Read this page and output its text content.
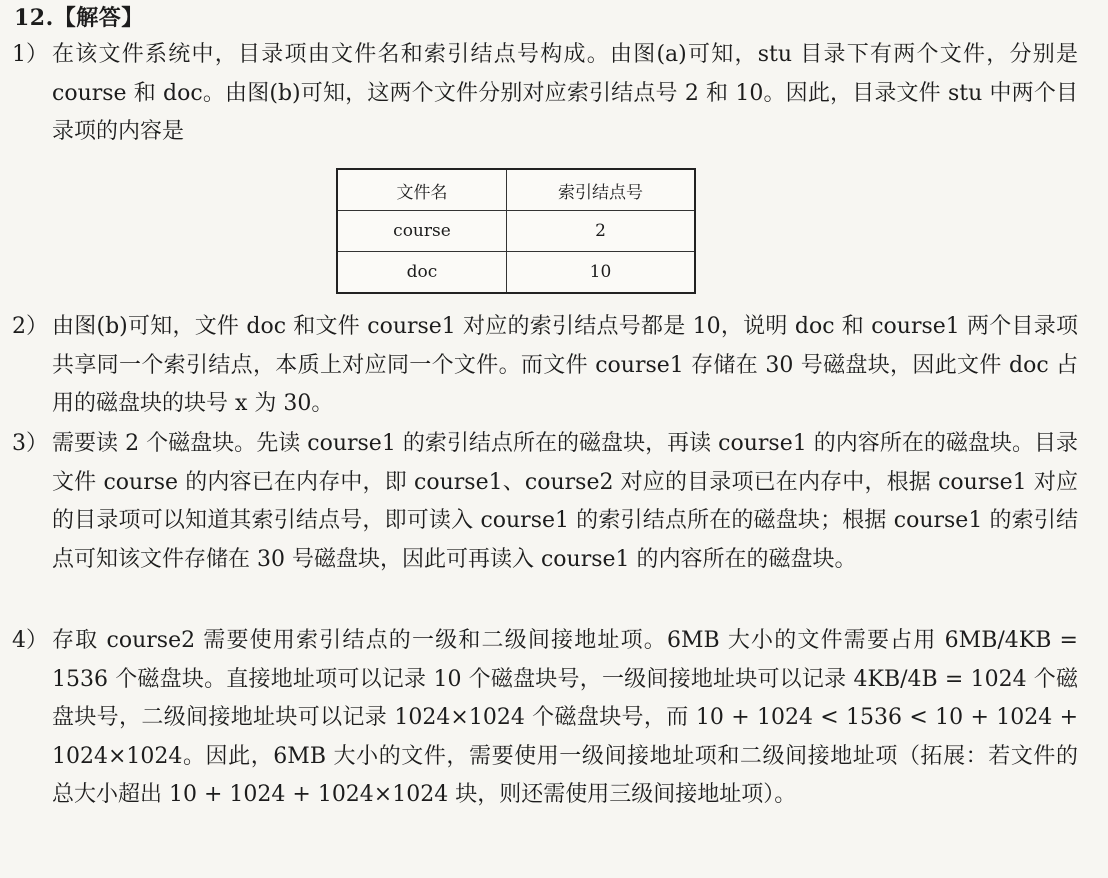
12.【解答】
1） 在该文件系统中，目录项由文件名和索引结点号构成。由图(a)可知，stu 目录下有两个文件，分别是 course 和 doc。由图(b)可知，这两个文件分别对应索引结点号 2 和 10。因此，目录文件 stu 中两个目录项的内容是
文件名	索引结点号
course	2
doc	10
2） 由图(b)可知，文件 doc 和文件 course1 对应的索引结点号都是 10，说明 doc 和 course1 两个目录项共享同一个索引结点，本质上对应同一个文件。而文件 course1 存储在 30 号磁盘块，因此文件 doc 占用的磁盘块的块号 x 为 30。
3） 需要读 2 个磁盘块。先读 course1 的索引结点所在的磁盘块，再读 course1 的内容所在的磁盘块。目录文件 course 的内容已在内存中，即 course1、course2 对应的目录项已在内存中，根据 course1 对应的目录项可以知道其索引结点号，即可读入 course1 的索引结点所在的磁盘块；根据 course1 的索引结点可知该文件存储在 30 号磁盘块，因此可再读入 course1 的内容所在的磁盘块。
4） 存取 course2 需要使用索引结点的一级和二级间接地址项。6MB 大小的文件需要占用 6MB/4KB = 1536 个磁盘块。直接地址项可以记录 10 个磁盘块号，一级间接地址块可以记录 4KB/4B = 1024 个磁盘块号，二级间接地址块可以记录 1024×1024 个磁盘块号，而 10 + 1024 < 1536 < 10 + 1024 + 1024×1024。因此，6MB 大小的文件，需要使用一级间接地址项和二级间接地址项（拓展：若文件的总大小超出 10 + 1024 + 1024×1024 块，则还需使用三级间接地址项）。
